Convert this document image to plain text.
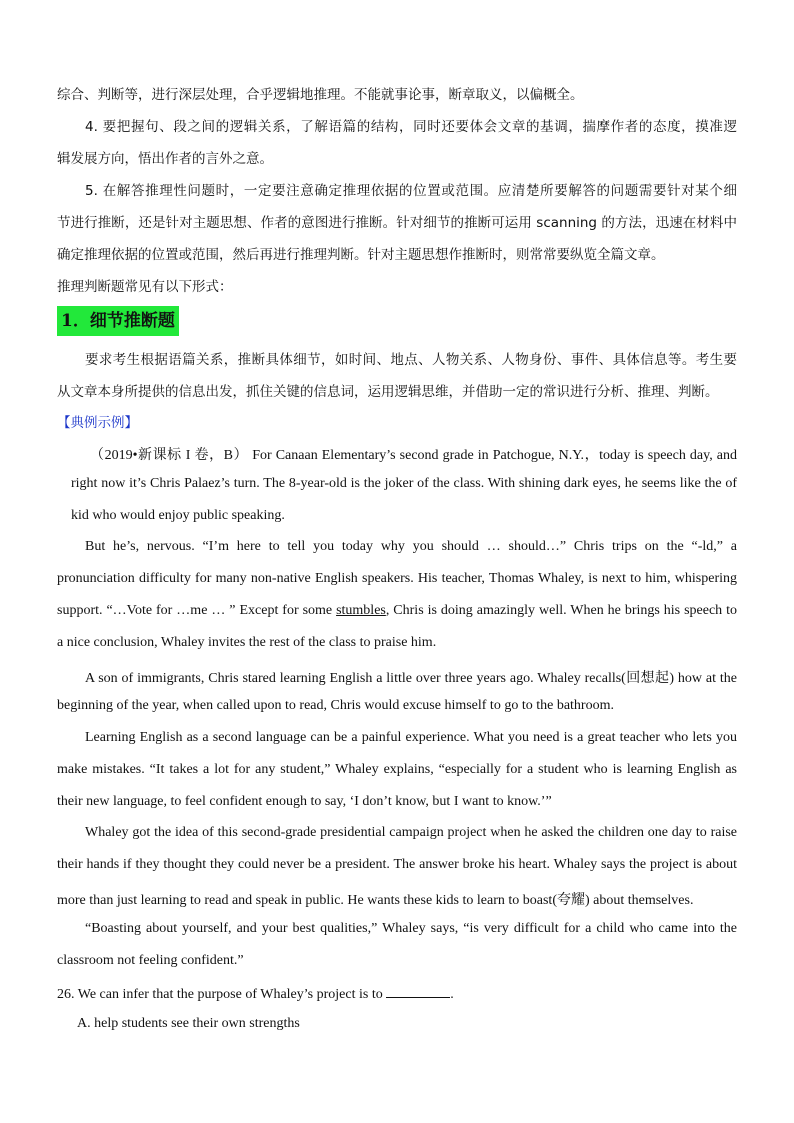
综合、判断等，进行深层处理，合乎逻辑地推理。不能就事论事，断章取义，以偏概全。
4. 要把握句、段之间的逻辑关系，了解语篇的结构，同时还要体会文章的基调，揣摩作者的态度，摸准逻
辑发展方向，悟出作者的言外之意。
5. 在解答推理性问题时，一定要注意确定推理依据的位置或范围。应清楚所要解答的问题需要针对某个细
节进行推断，还是针对主题思想、作者的意图进行推断。针对细节的推断可运用 scanning 的方法，迅速在材料中
确定推理依据的位置或范围，然后再进行推理判断。针对主题思想作推断时，则常常要纵览全篇文章。
推理判断题常见有以下形式：
1．细节推断题
要求考生根据语篇关系，推断具体细节，如时间、地点、人物关系、人物身份、事件、具体信息等。考生要
从文章本身所提供的信息出发，抓住关键的信息词，运用逻辑思维，并借助一定的常识进行分析、推理、判断。
【典例示例】
（2019•新课标 I 卷，B） For Canaan Elementary’s second grade in Patchogue, N.Y.，today is speech day, and
right now it’s Chris Palaez’s turn. The 8-year-old is the joker of the class. With shining dark eyes, he seems like the of
kid who would enjoy public speaking.
But he’s, nervous. “I’m here to tell you today why you should … should…” Chris trips on the “-ld,” a
pronunciation difficulty for many non-native English speakers. His teacher, Thomas Whaley, is next to him, whispering
support. “…Vote for …me … ” Except for some stumbles, Chris is doing amazingly well. When he brings his speech to
a nice conclusion, Whaley invites the rest of the class to praise him.
A son of immigrants, Chris stared learning English a little over three years ago. Whaley recalls(回想起) how at the
beginning of the year, when called upon to read, Chris would excuse himself to go to the bathroom.
Learning English as a second language can be a painful experience. What you need is a great teacher who lets you
make mistakes. “It takes a lot for any student,” Whaley explains, “especially for a student who is learning English as
their new language, to feel confident enough to say, ‘I don’t know, but I want to know.’”
Whaley got the idea of this second-grade presidential campaign project when he asked the children one day to raise
their hands if they thought they could never be a president. The answer broke his heart. Whaley says the project is about
more than just learning to read and speak in public. He wants these kids to learn to boast(夸耀) about themselves.
“Boasting about yourself, and your best qualities,” Whaley says, “is very difficult for a child who came into the
classroom not feeling confident.”
26. We can infer that the purpose of Whaley’s project is to	.
A. help students see their own strengths
